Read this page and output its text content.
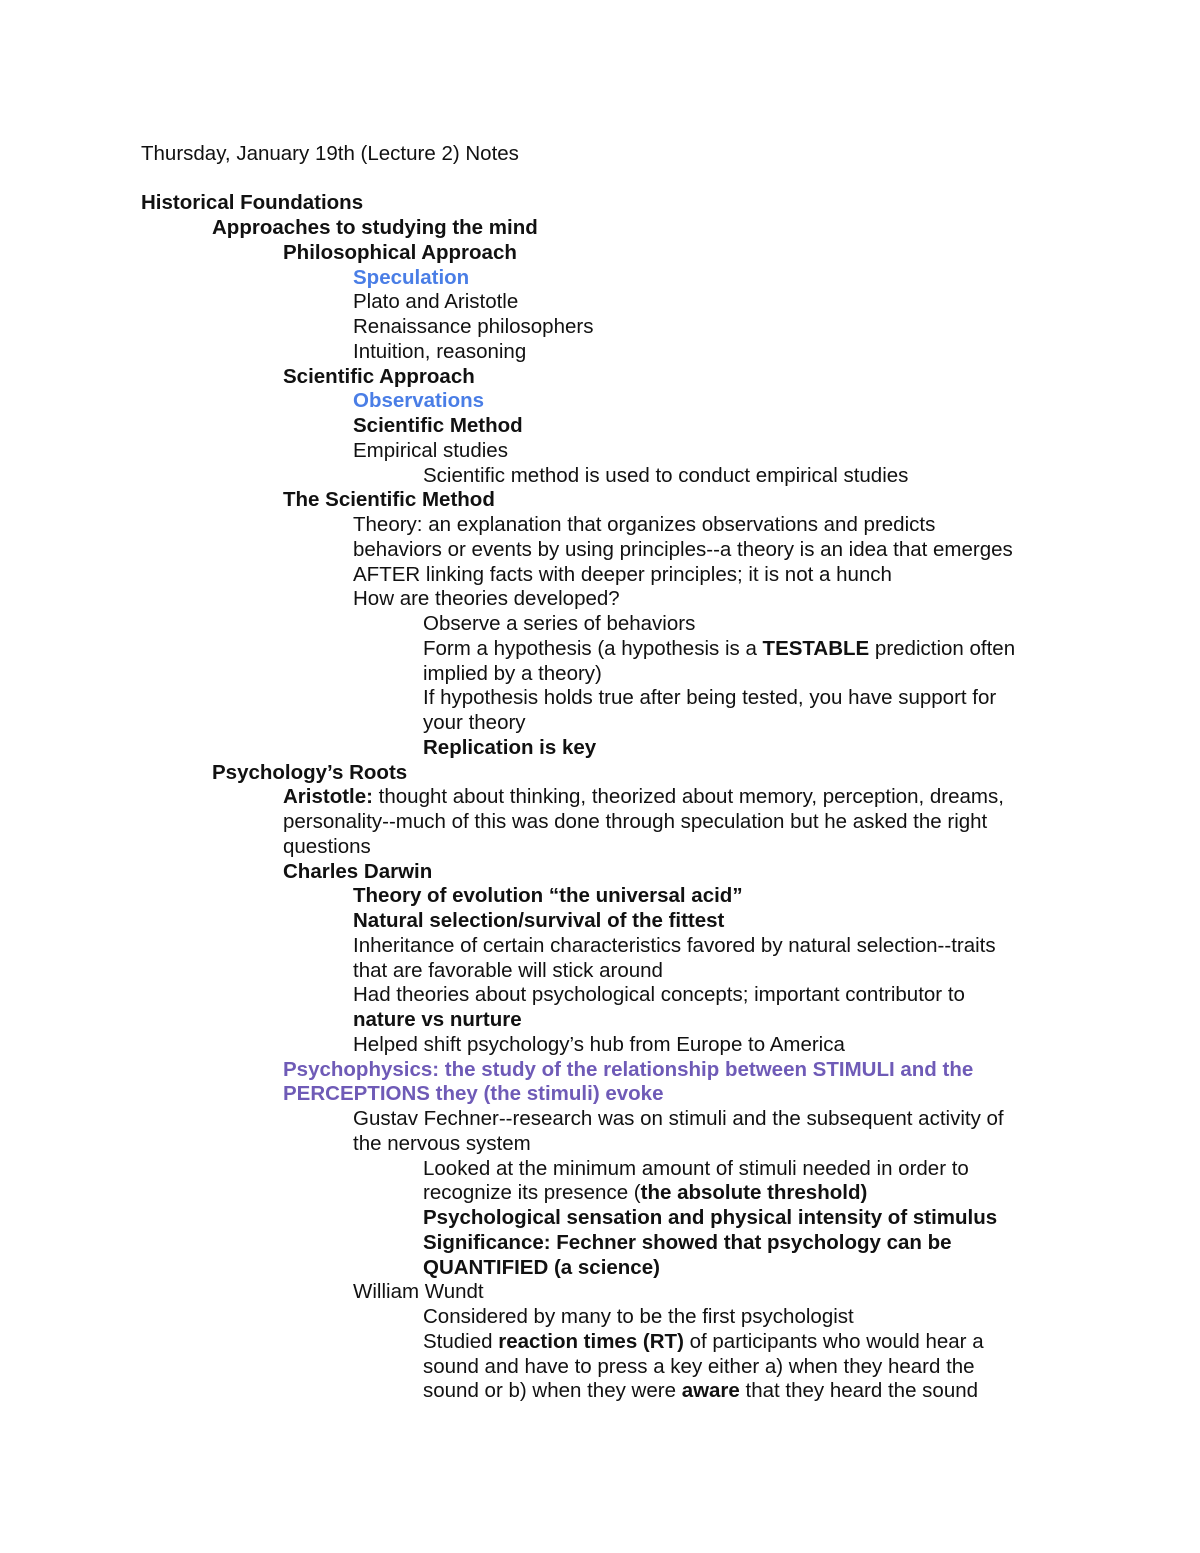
Thursday, January 19th (Lecture 2) Notes
Historical Foundations
Approaches to studying the mind
Philosophical Approach
Speculation
Plato and Aristotle
Renaissance philosophers
Intuition, reasoning
Scientific Approach
Observations
Scientific Method
Empirical studies
Scientific method is used to conduct empirical studies
The Scientific Method
Theory: an explanation that organizes observations and predicts
behaviors or events by using principles--a theory is an idea that emerges
AFTER linking facts with deeper principles; it is not a hunch
How are theories developed?
Observe a series of behaviors
Form a hypothesis (a hypothesis is a TESTABLE prediction often
implied by a theory)
If hypothesis holds true after being tested, you have support for
your theory
Replication is key
Psychology’s Roots
Aristotle: thought about thinking, theorized about memory, perception, dreams,
personality--much of this was done through speculation but he asked the right
questions
Charles Darwin
Theory of evolution “the universal acid”
Natural selection/survival of the fittest
Inheritance of certain characteristics favored by natural selection--traits
that are favorable will stick around
Had theories about psychological concepts; important contributor to
nature vs nurture
Helped shift psychology’s hub from Europe to America
Psychophysics: the study of the relationship between STIMULI and the
PERCEPTIONS they (the stimuli) evoke
Gustav Fechner--research was on stimuli and the subsequent activity of
the nervous system
Looked at the minimum amount of stimuli needed in order to
recognize its presence (the absolute threshold)
Psychological sensation and physical intensity of stimulus
Significance: Fechner showed that psychology can be
QUANTIFIED (a science)
William Wundt
Considered by many to be the first psychologist
Studied reaction times (RT) of participants who would hear a
sound and have to press a key either a) when they heard the
sound or b) when they were aware that they heard the sound
